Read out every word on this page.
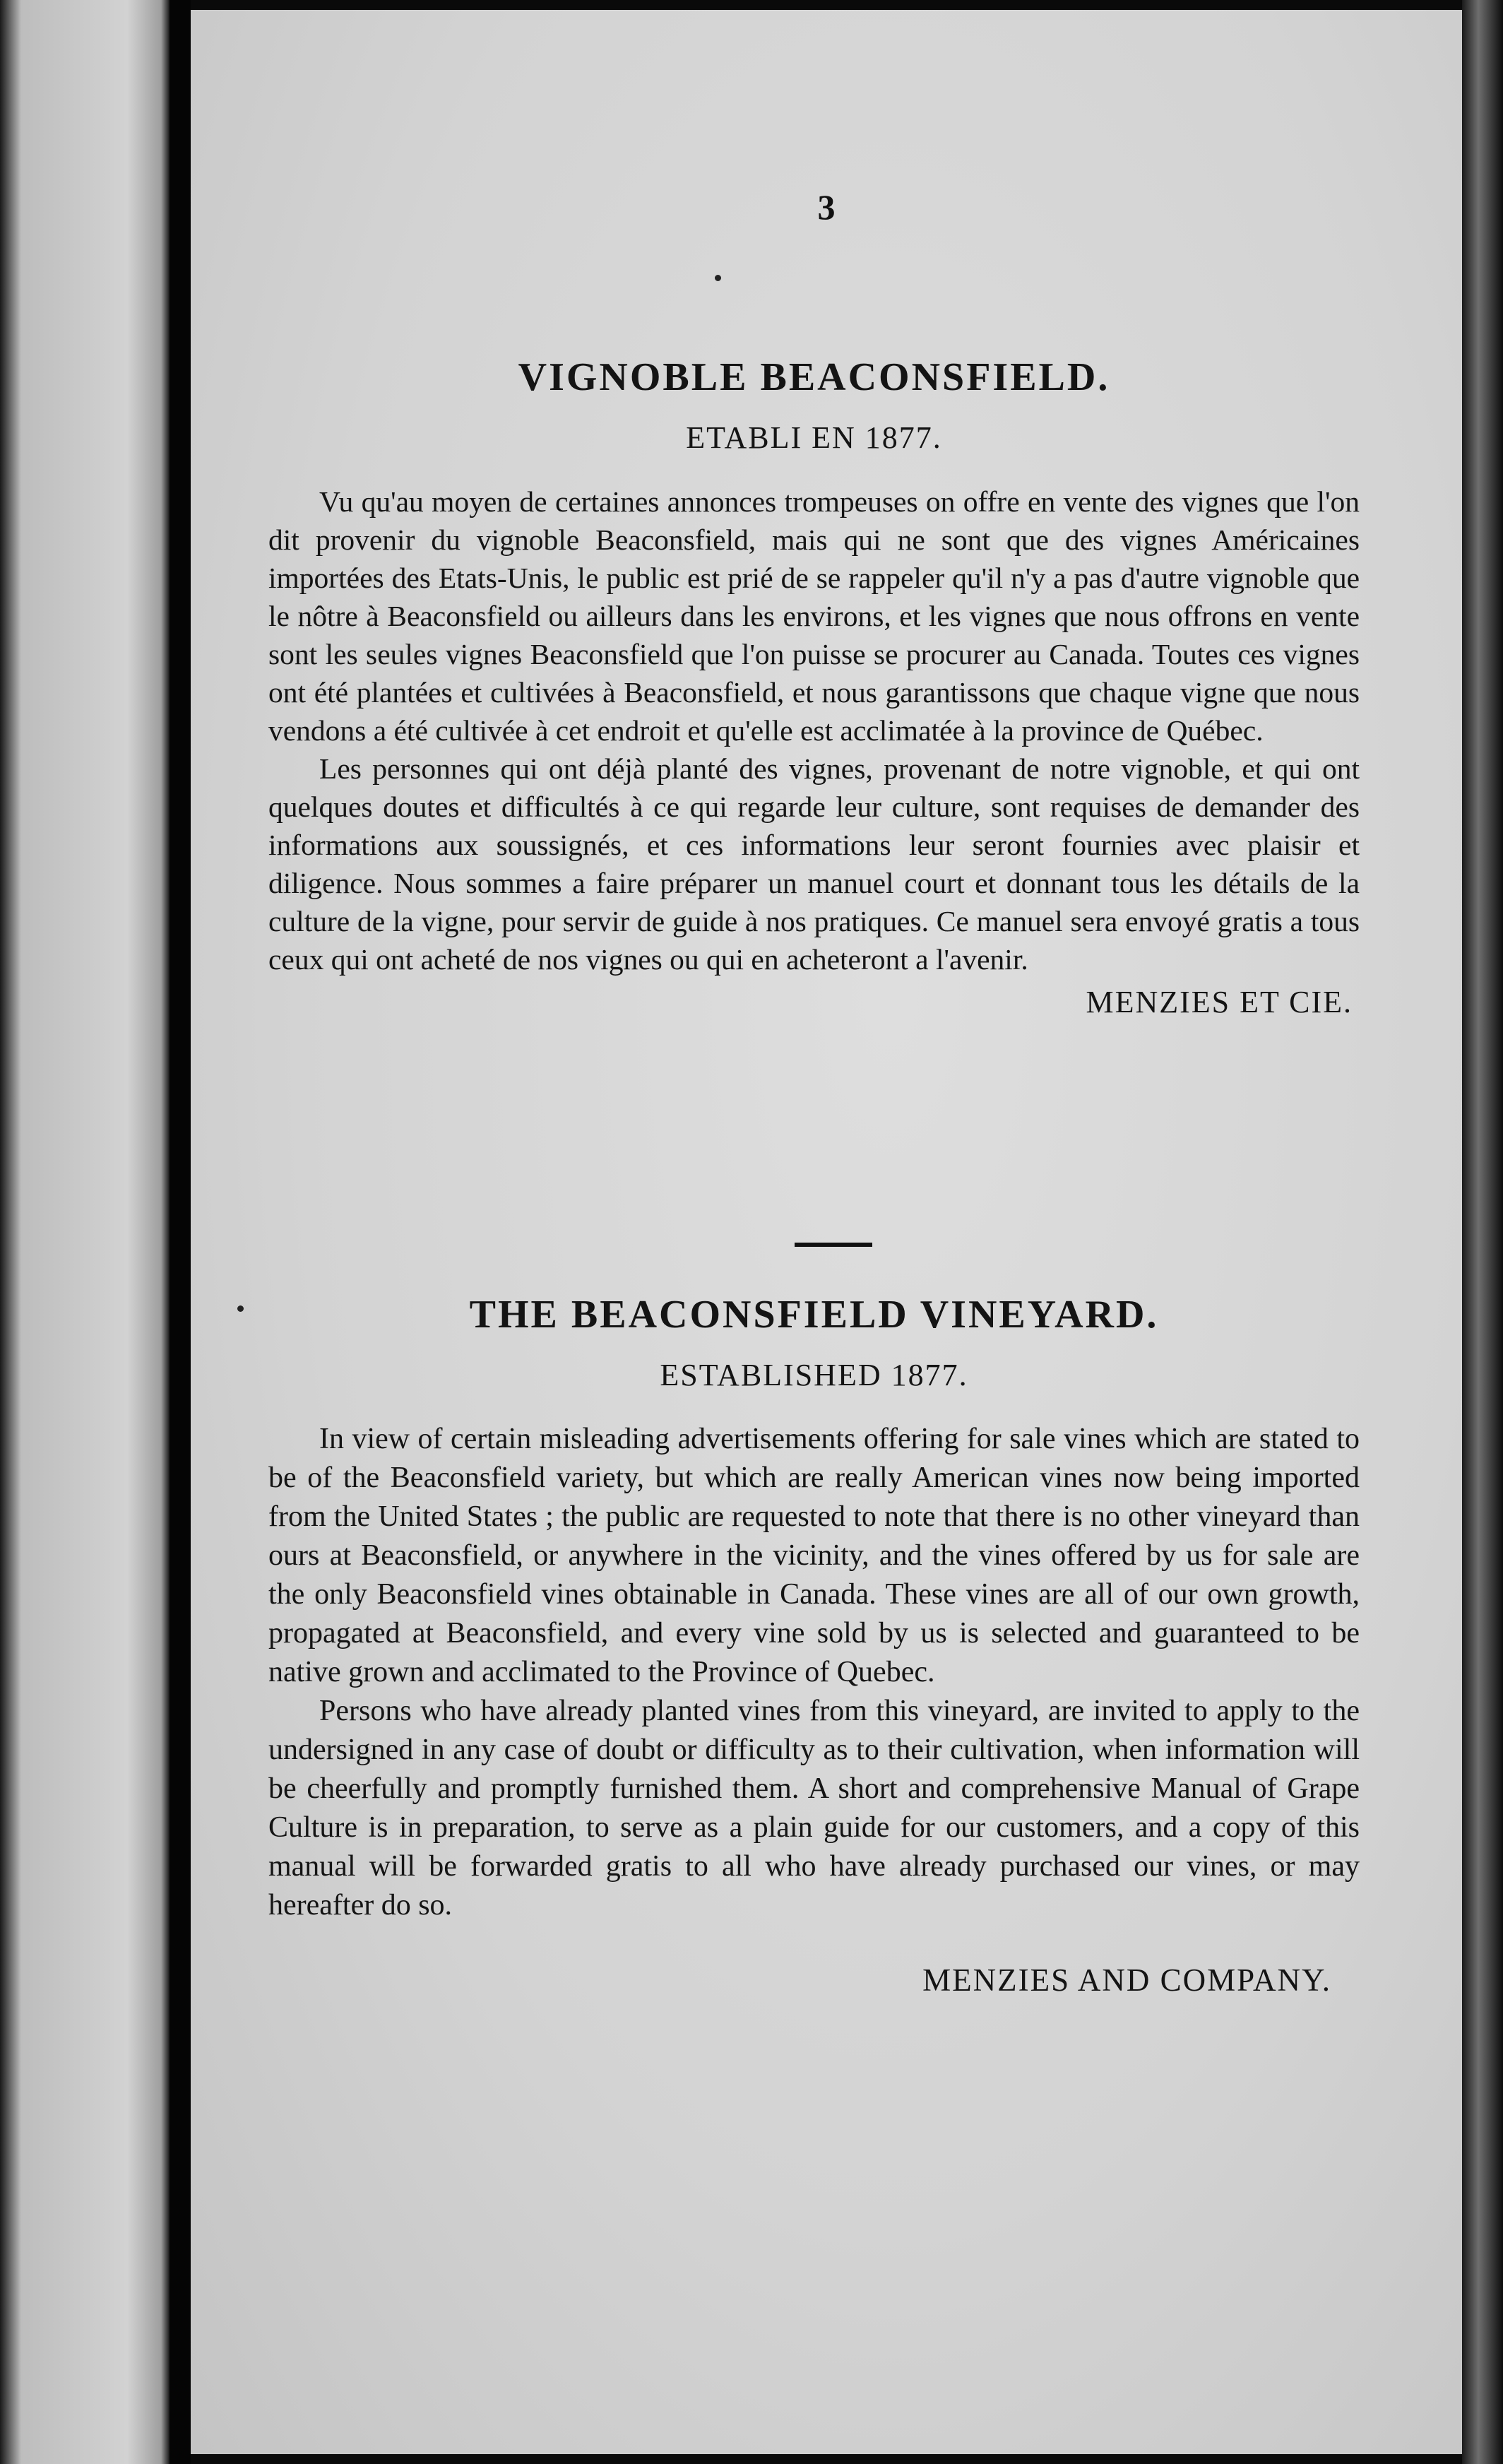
3
VIGNOBLE BEACONSFIELD.
ETABLI EN 1877.

Vu qu'au moyen de certaines annonces trompeuses on offre en vente des vignes que l'on dit provenir du vignoble Beaconsfield, mais qui ne sont que des vignes Américaines importées des Etats-Unis, le public est prié de se rappeler qu'il n'y a pas d'autre vignoble que le nôtre à Beaconsfield ou ailleurs dans les environs, et les vignes que nous offrons en vente sont les seules vignes Beaconsfield que l'on puisse se procurer au Canada. Toutes ces vignes ont été plantées et cultivées à Beaconsfield, et nous garantissons que chaque vigne que nous vendons a été cultivée à cet endroit et qu'elle est acclimatée à la province de Québec.

Les personnes qui ont déjà planté des vignes, provenant de notre vignoble, et qui ont quelques doutes et difficultés à ce qui regarde leur culture, sont requises de demander des informations aux soussignés, et ces informations leur seront fournies avec plaisir et diligence. Nous sommes a faire préparer un manuel court et donnant tous les détails de la culture de la vigne, pour servir de guide à nos pratiques. Ce manuel sera envoyé gratis a tous ceux qui ont acheté de nos vignes ou qui en acheteront a l'avenir.

MENZIES ET CIE.
THE BEACONSFIELD VINEYARD.
ESTABLISHED 1877.

In view of certain misleading advertisements offering for sale vines which are stated to be of the Beaconsfield variety, but which are really American vines now being imported from the United States ; the public are requested to note that there is no other vineyard than ours at Beaconsfield, or anywhere in the vicinity, and the vines offered by us for sale are the only Beaconsfield vines obtainable in Canada. These vines are all of our own growth, propagated at Beaconsfield, and every vine sold by us is selected and guaranteed to be native grown and acclimated to the Province of Quebec.

Persons who have already planted vines from this vineyard, are invited to apply to the undersigned in any case of doubt or difficulty as to their cultivation, when information will be cheerfully and promptly furnished them. A short and comprehensive Manual of Grape Culture is in preparation, to serve as a plain guide for our customers, and a copy of this manual will be forwarded gratis to all who have already purchased our vines, or may hereafter do so.

MENZIES AND COMPANY.
